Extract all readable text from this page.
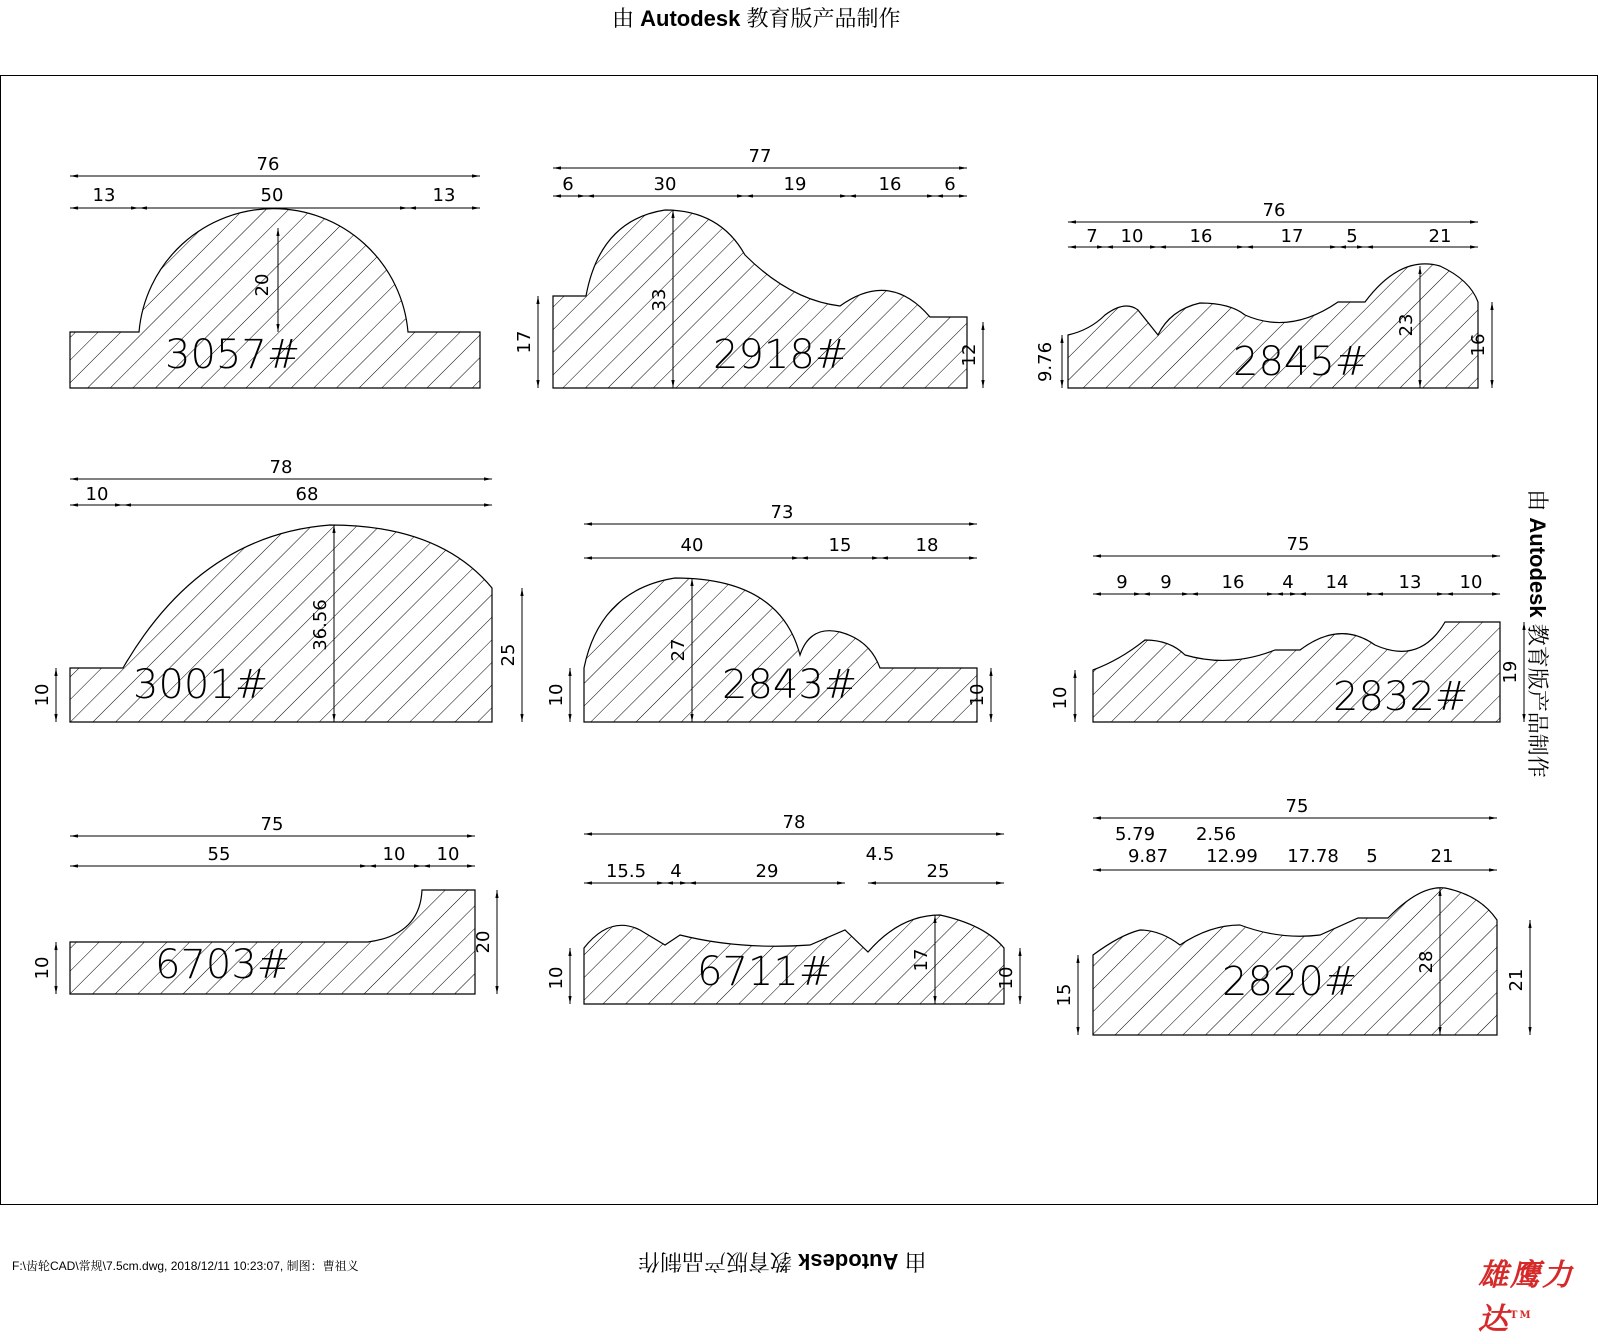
由 Autodesk 教育版产品制作
由 Autodesk 教育版产品制作
由 Autodesk 教育版产品制作
3057#
76
13	50	13
20
2918#
77
6	30	19	16 6
17
33
12	2845#
76
7 10	16	17 5	21
9.76
23
16
3001#
78
10	68
10
36.56
25
2843#
73
40	15	18
10
27
10	2832#
75
9 9	16 4 14	13 10
10
19
6703#
75
55	10 10
10
20
6711#
78
15.5 4	29
4.5
25
10
17
10	2820#
75
5.79
9.87
2.56
12.99 17.78 5	21
15
28
21
F:\齿轮CAD\常规\7.5cm.dwg, 2018/12/11 10:23:07, 制图：曹祖义	雄鹰力达™
